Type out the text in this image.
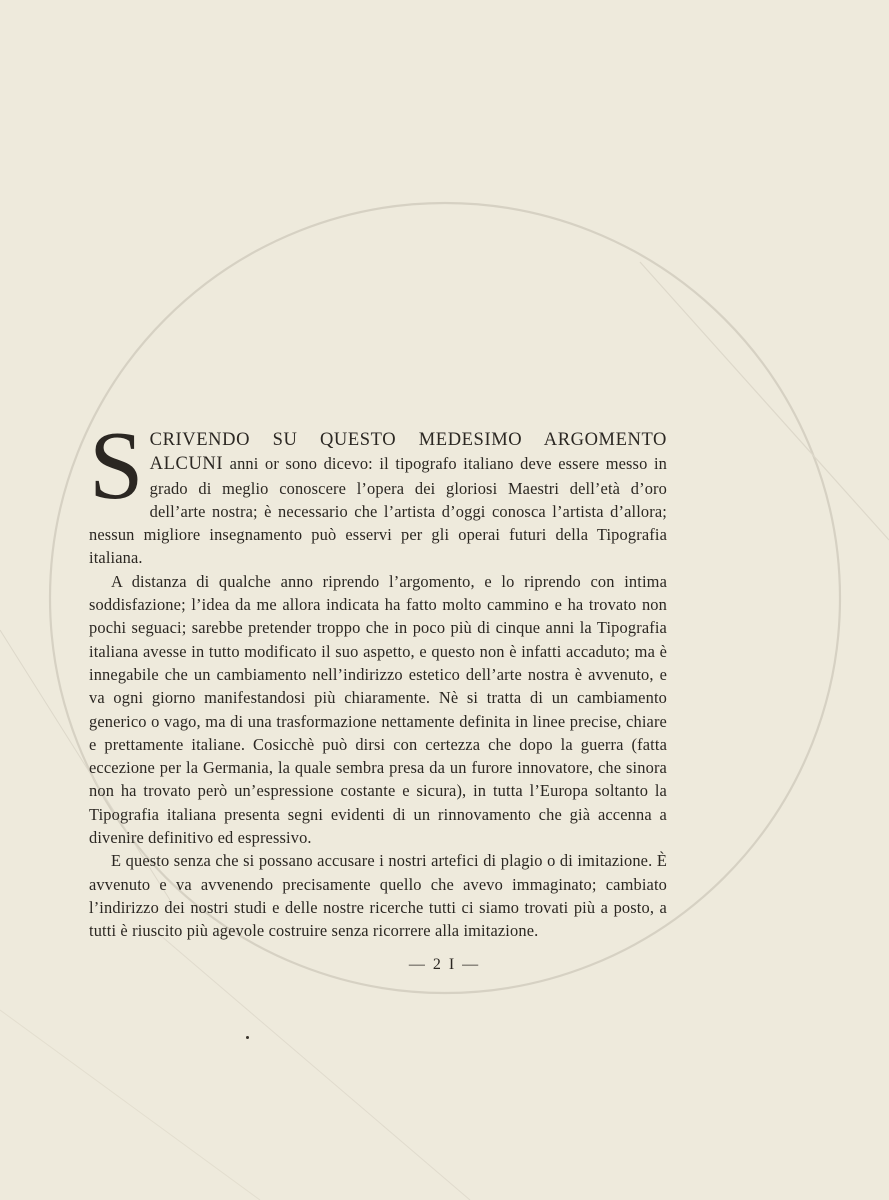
SCRIVENDO SU QUESTO MEDESIMO ARGOMENTO ALCUNI anni or sono dicevo: il tipografo italiano deve essere messo in grado di meglio conoscere l’opera dei gloriosi Maestri dell’età d’oro dell’arte nostra; è necessario che l’artista d’oggi conosca l’artista d’allora; nessun migliore insegnamento può esservi per gli operai futuri della Tipografia italiana.

A distanza di qualche anno riprendo l’argomento, e lo riprendo con intima soddisfazione; l’idea da me allora indicata ha fatto molto cammino e ha trovato non pochi seguaci; sarebbe pretender troppo che in poco più di cinque anni la Tipografia italiana avesse in tutto modificato il suo aspetto, e questo non è infatti accaduto; ma è innegabile che un cambiamento nell’indirizzo estetico dell’arte nostra è avvenuto, e va ogni giorno manifestandosi più chiaramente. Nè si tratta di un cambiamento generico o vago, ma di una trasformazione nettamente definita in linee precise, chiare e prettamente italiane. Cosicchè può dirsi con certezza che dopo la guerra (fatta eccezione per la Germania, la quale sembra presa da un furore innovatore, che sinora non ha trovato però un’espressione costante e sicura), in tutta l’Europa soltanto la Tipografia italiana presenta segni evidenti di un rinnovamento che già accenna a divenire definitivo ed espressivo.

E questo senza che si possano accusare i nostri artefici di plagio o di imitazione. È avvenuto e va avvenendo precisamente quello che avevo immaginato; cambiato l’indirizzo dei nostri studi e delle nostre ricerche tutti ci siamo trovati più a posto, a tutti è riuscito più agevole costruire senza ricorrere alla imitazione.

— 2 I —
